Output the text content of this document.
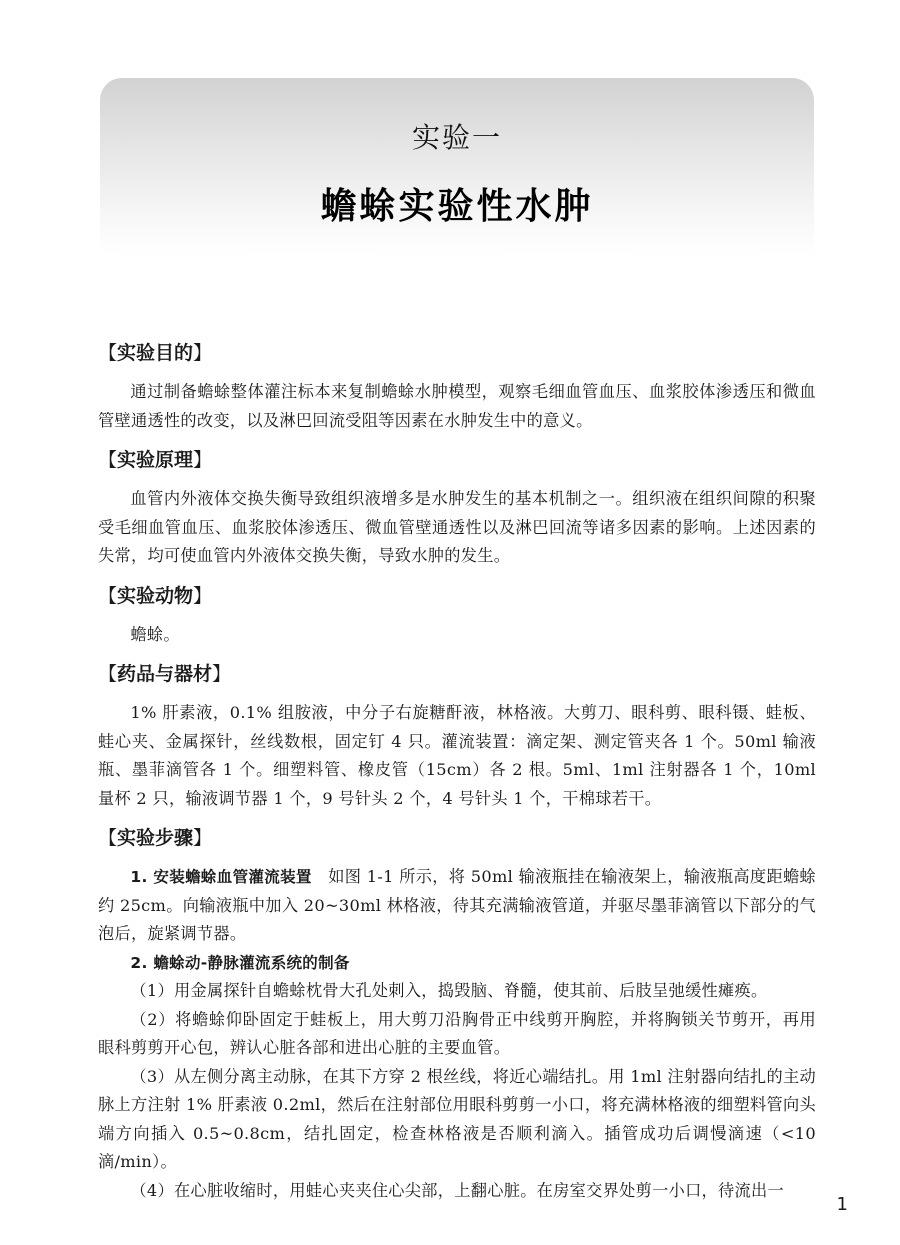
实验一
蟾蜍实验性水肿
【实验目的】

通过制备蟾蜍整体灌注标本来复制蟾蜍水肿模型，观察毛细血管血压、血浆胶体渗透压和微血管壁通透性的改变，以及淋巴回流受阻等因素在水肿发生中的意义。

【实验原理】

血管内外液体交换失衡导致组织液增多是水肿发生的基本机制之一。组织液在组织间隙的积聚受毛细血管血压、血浆胶体渗透压、微血管壁通透性以及淋巴回流等诸多因素的影响。上述因素的失常，均可使血管内外液体交换失衡，导致水肿的发生。

【实验动物】

蟾蜍。

【药品与器材】

1% 肝素液，0.1% 组胺液，中分子右旋糖酐液，林格液。大剪刀、眼科剪、眼科镊、蛙板、蛙心夹、金属探针，丝线数根，固定钉 4 只。灌流装置：滴定架、测定管夹各 1 个。50ml 输液瓶、墨菲滴管各 1 个。细塑料管、橡皮管（15cm）各 2 根。5ml、1ml 注射器各 1 个，10ml 量杯 2 只，输液调节器 1 个，9 号针头 2 个，4 号针头 1 个，干棉球若干。

【实验步骤】

1. 安装蟾蜍血管灌流装置 如图 1-1 所示，将 50ml 输液瓶挂在输液架上，输液瓶高度距蟾蜍约 25cm。向输液瓶中加入 20~30ml 林格液，待其充满输液管道，并驱尽墨菲滴管以下部分的气泡后，旋紧调节器。

2. 蟾蜍动-静脉灌流系统的制备

（1）用金属探针自蟾蜍枕骨大孔处刺入，捣毁脑、脊髓，使其前、后肢呈弛缓性瘫痪。

（2）将蟾蜍仰卧固定于蛙板上，用大剪刀沿胸骨正中线剪开胸腔，并将胸锁关节剪开，再用眼科剪剪开心包，辨认心脏各部和进出心脏的主要血管。

（3）从左侧分离主动脉，在其下方穿 2 根丝线，将近心端结扎。用 1ml 注射器向结扎的主动脉上方注射 1% 肝素液 0.2ml，然后在注射部位用眼科剪剪一小口，将充满林格液的细塑料管向头端方向插入 0.5~0.8cm，结扎固定，检查林格液是否顺利滴入。插管成功后调慢滴速（<10 滴/min）。

（4）在心脏收缩时，用蛙心夹夹住心尖部，上翻心脏。在房室交界处剪一小口，待流出一

1
